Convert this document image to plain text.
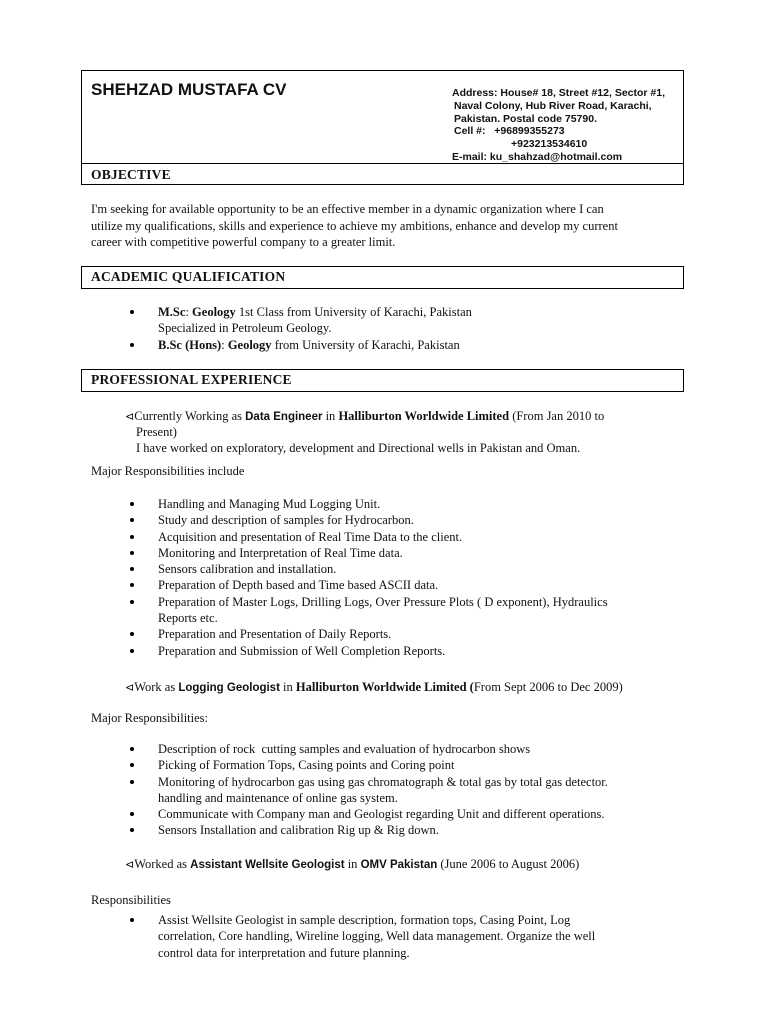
SHEHZAD MUSTAFA CV	Address: House# 18, Street #12, Sector #1,
Naval Colony, Hub River Road, Karachi,
Pakistan. Postal code 75790.
Cell #:   +96899355273
+923213534610
E-mail: ku_shahzad@hotmail.com
OBJECTIVE
I'm seeking for available opportunity to be an effective member in a dynamic organization where I can
utilize my qualifications, skills and experience to achieve my ambitions, enhance and develop my current
career with competitive powerful company to a greater limit.
ACADEMIC QUALIFICATION
M.Sc: Geology 1st Class from University of Karachi, Pakistan
Specialized in Petroleum Geology.
B.Sc (Hons): Geology from University of Karachi, Pakistan
PROFESSIONAL EXPERIENCE
⊲Currently Working as Data Engineer in Halliburton Worldwide Limited (From Jan 2010 to
Present)
I have worked on exploratory, development and Directional wells in Pakistan and Oman.
Major Responsibilities include
Handling and Managing Mud Logging Unit.
Study and description of samples for Hydrocarbon.
Acquisition and presentation of Real Time Data to the client.
Monitoring and Interpretation of Real Time data.
Sensors calibration and installation.
Preparation of Depth based and Time based ASCII data.
Preparation of Master Logs, Drilling Logs, Over Pressure Plots ( D exponent), Hydraulics
Reports etc.
Preparation and Presentation of Daily Reports.
Preparation and Submission of Well Completion Reports.
⊲Work as Logging Geologist in Halliburton Worldwide Limited (From Sept 2006 to Dec 2009)
Major Responsibilities:
Description of rock  cutting samples and evaluation of hydrocarbon shows
Picking of Formation Tops, Casing points and Coring point
Monitoring of hydrocarbon gas using gas chromatograph & total gas by total gas detector.
handling and maintenance of online gas system.
Communicate with Company man and Geologist regarding Unit and different operations.
Sensors Installation and calibration Rig up & Rig down.
⊲Worked as Assistant Wellsite Geologist in OMV Pakistan (June 2006 to August 2006)
Responsibilities
Assist Wellsite Geologist in sample description, formation tops, Casing Point, Log
correlation, Core handling, Wireline logging, Well data management. Organize the well
control data for interpretation and future planning.
